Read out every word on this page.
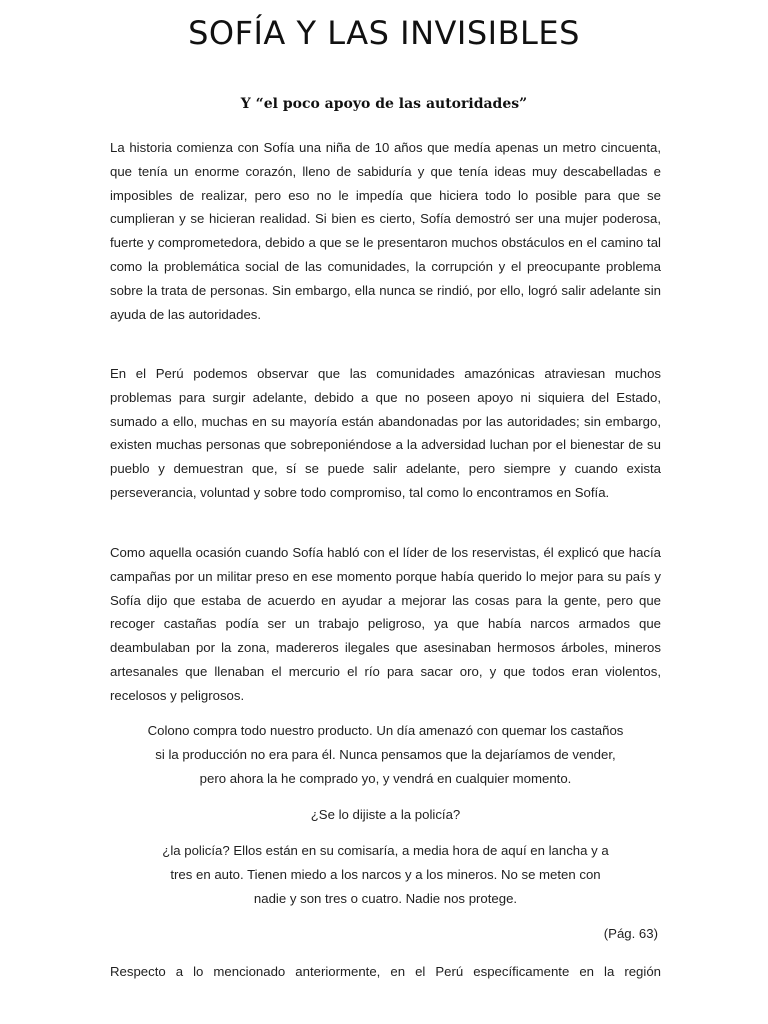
SOFÍA Y LAS INVISIBLES
Y “el poco apoyo de las autoridades”

La historia comienza con Sofía una niña de 10 años que medía apenas un metro cincuenta, que tenía un enorme corazón, lleno de sabiduría y que tenía ideas muy descabelladas e imposibles de realizar, pero eso no le impedía que hiciera todo lo posible para que se cumplieran y se hicieran realidad. Si bien es cierto, Sofía demostró ser una mujer poderosa, fuerte y comprometedora, debido a que se le presentaron muchos obstáculos en el camino tal como la problemática social de las comunidades, la corrupción y el preocupante problema sobre la trata de personas. Sin embargo, ella nunca se rindió, por ello, logró salir adelante sin ayuda de las autoridades.

En el Perú podemos observar que las comunidades amazónicas atraviesan muchos problemas para surgir adelante, debido a que no poseen apoyo ni siquiera del Estado, sumado a ello, muchas en su mayoría están abandonadas por las autoridades; sin embargo, existen muchas personas que sobreponiéndose a la adversidad luchan por el bienestar de su pueblo y demuestran que, sí se puede salir adelante, pero siempre y cuando exista perseverancia, voluntad y sobre todo compromiso, tal como lo encontramos en Sofía.

Como aquella ocasión cuando Sofía habló con el líder de los reservistas, él explicó que hacía campañas por un militar preso en ese momento porque había querido lo mejor para su país y Sofía dijo que estaba de acuerdo en ayudar a mejorar las cosas para la gente, pero que recoger castañas podía ser un trabajo peligroso, ya que había narcos armados que deambulaban por la zona, madereros ilegales que asesinaban hermosos árboles, mineros artesanales que llenaban el mercurio el río para sacar oro, y que todos eran violentos, recelosos y peligrosos.

Colono compra todo nuestro producto. Un día amenazó con quemar los castaños
si la producción no era para él. Nunca pensamos que la dejaríamos de vender,
pero ahora la he comprado yo, y vendrá en cualquier momento.
¿Se lo dijiste a la policía?
¿la policía? Ellos están en su comisaría, a media hora de aquí en lancha y a
tres en auto. Tienen miedo a los narcos y a los mineros. No se meten con
nadie y son tres o cuatro. Nadie nos protege.
(Pág. 63)

Respecto a lo mencionado anteriormente, en el Perú específicamente en la región
